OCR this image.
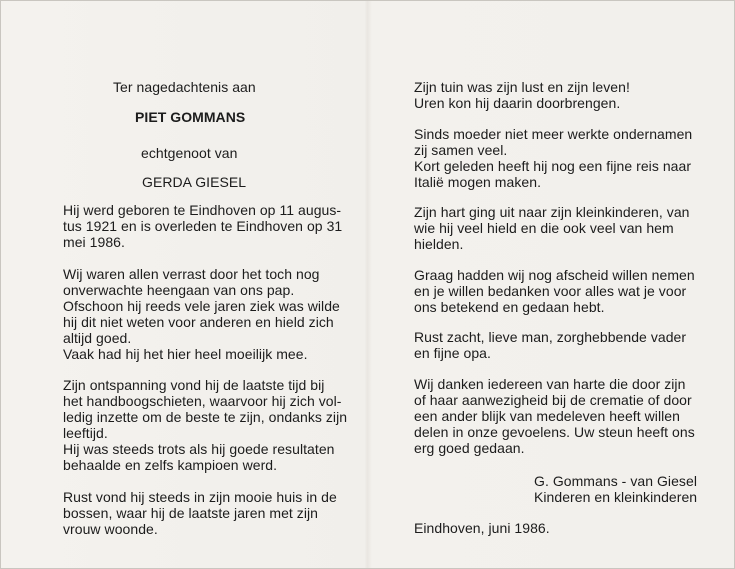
Ter nagedachtenis aan
PIET GOMMANS
echtgenoot van
GERDA GIESEL
Hij werd geboren te Eindhoven op 11 augus-
tus 1921 en is overleden te Eindhoven op 31
mei 1986.
Wij waren allen verrast door het toch nog
onverwachte heengaan van ons pap.
Ofschoon hij reeds vele jaren ziek was wilde
hij dit niet weten voor anderen en hield zich
altijd goed.
Vaak had hij het hier heel moeilijk mee.
Zijn ontspanning vond hij de laatste tijd bij
het handboogschieten, waarvoor hij zich vol-
ledig inzette om de beste te zijn, ondanks zijn
leeftijd.
Hij was steeds trots als hij goede resultaten
behaalde en zelfs kampioen werd.
Rust vond hij steeds in zijn mooie huis in de
bossen, waar hij de laatste jaren met zijn
vrouw woonde.
Zijn tuin was zijn lust en zijn leven!
Uren kon hij daarin doorbrengen.
Sinds moeder niet meer werkte ondernamen
zij samen veel.
Kort geleden heeft hij nog een fijne reis naar
Italië mogen maken.
Zijn hart ging uit naar zijn kleinkinderen, van
wie hij veel hield en die ook veel van hem
hielden.
Graag hadden wij nog afscheid willen nemen
en je willen bedanken voor alles wat je voor
ons betekend en gedaan hebt.
Rust zacht, lieve man, zorghebbende vader
en fijne opa.
Wij danken iedereen van harte die door zijn
of haar aanwezigheid bij de crematie of door
een ander blijk van medeleven heeft willen
delen in onze gevoelens. Uw steun heeft ons
erg goed gedaan.
G. Gommans - van Giesel
Kinderen en kleinkinderen
Eindhoven, juni 1986.
